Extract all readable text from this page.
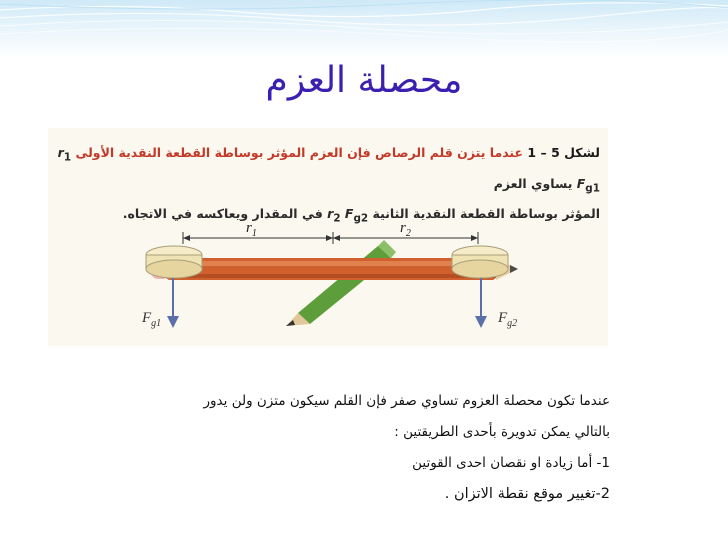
محصلة العزم
$r_1$	$r_2$
$F_{g1}$	$F_{g2}$
لشكل 5 – 1 عندما يتزن قلم الرصاص فإن العزم المؤثر بوساطة القطعة النقدية الأولى $r_1$ $F_{g1}$ يساوي العزم
المؤثر بوساطة القطعة النقدية الثانية $r_2$ $F_{g2}$ في المقدار ويعاكسه في الاتجاه.
عندما تكون محصلة العزوم تساوي صفر فإن القلم سيكون متزن ولن يدور
بالتالي يمكن تدويرة بأحدى الطريقتين :
1- أما زيادة او نقصان احدى القوتين
2-تغيير موقع نقطة الاتزان .
